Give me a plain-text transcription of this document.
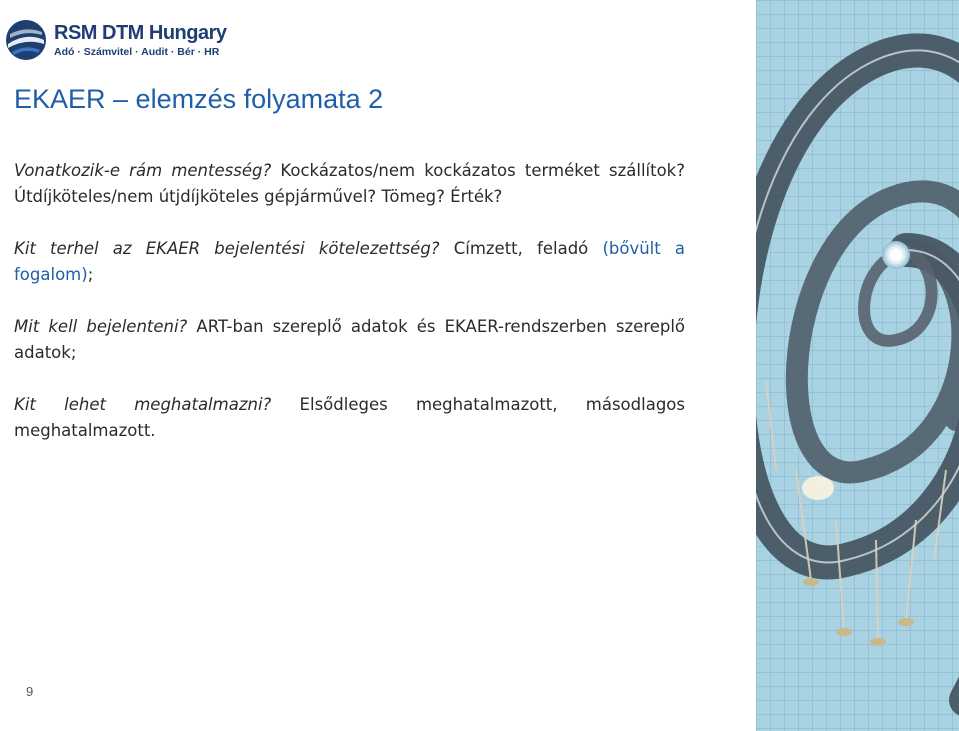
RSM DTM Hungary
Adó · Számvitel · Audit · Bér · HR
EKAER – elemzés folyamata 2

Vonatkozik-e rám mentesség? Kockázatos/nem kockázatos terméket szállítok? Útdíjköteles/nem útjdíjköteles gépjárművel? Tömeg? Érték?

Kit terhel az EKAER bejelentési kötelezettség? Címzett, feladó (bővült a fogalom);

Mit kell bejelenteni? ART-ban szereplő adatok és EKAER-rendszerben szereplő adatok;

Kit lehet meghatalmazni? Elsődleges meghatalmazott, másodlagos meghatalmazott.

9
